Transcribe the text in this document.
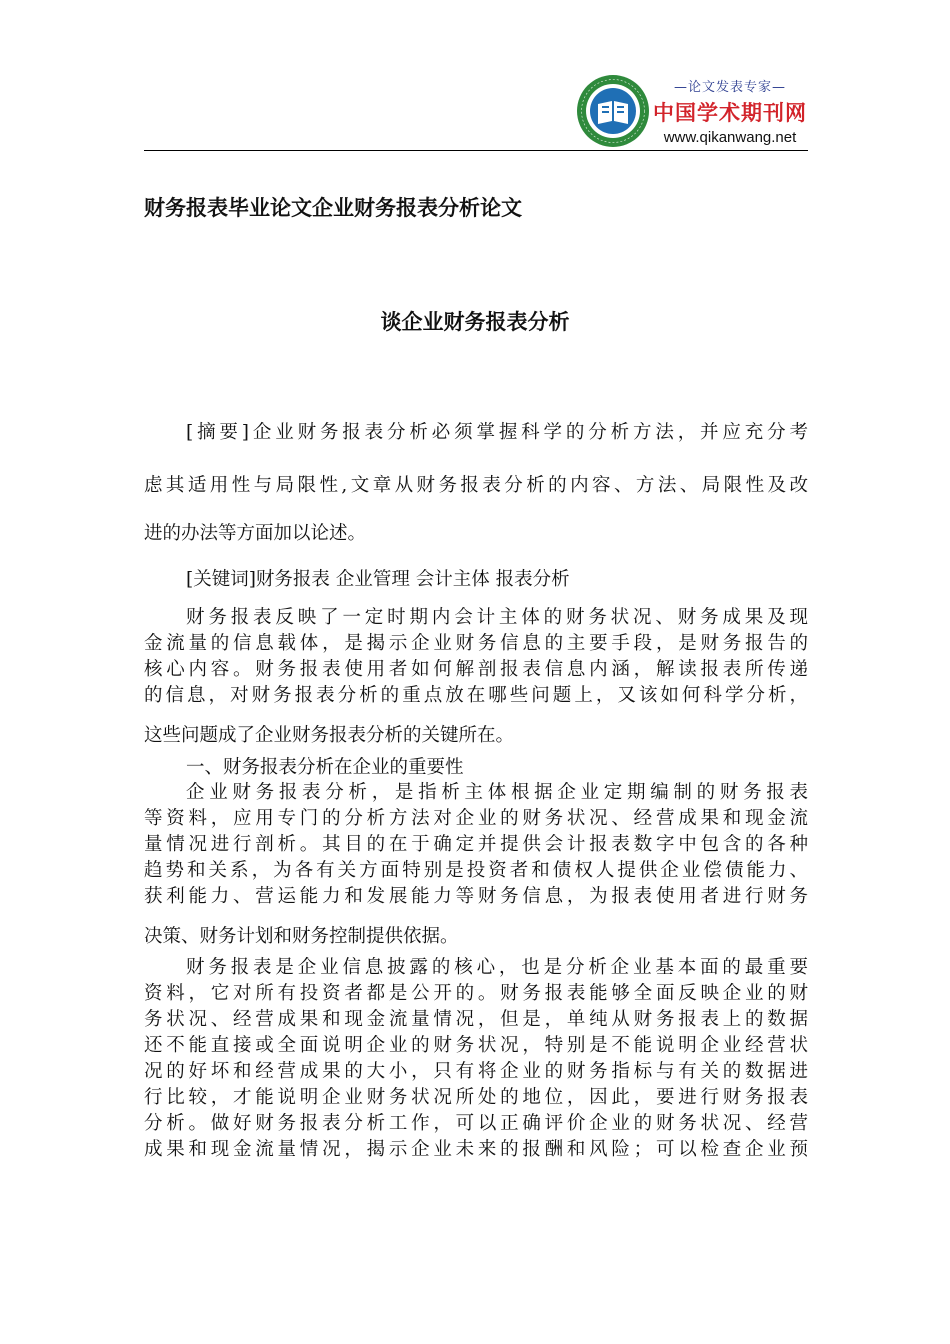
—论文发表专家—
中国学术期刊网
www.qikanwang.net
财务报表毕业论文企业财务报表分析论文
谈企业财务报表分析
[摘要]企业财务报表分析必须掌握科学的分析方法，并应充分考
虑其适用性与局限性,文章从财务报表分析的内容、方法、局限性及改
进的办法等方面加以论述。
[关键词]财务报表 企业管理 会计主体 报表分析
财务报表反映了一定时期内会计主体的财务状况、财务成果及现
金流量的信息载体，是揭示企业财务信息的主要手段，是财务报告的
核心内容。财务报表使用者如何解剖报表信息内涵，解读报表所传递
的信息，对财务报表分析的重点放在哪些问题上，又该如何科学分析，
这些问题成了企业财务报表分析的关键所在。
一、财务报表分析在企业的重要性
企业财务报表分析，是指析主体根据企业定期编制的财务报表
等资料，应用专门的分析方法对企业的财务状况、经营成果和现金流
量情况进行剖析。其目的在于确定并提供会计报表数字中包含的各种
趋势和关系，为各有关方面特别是投资者和债权人提供企业偿债能力、
获利能力、营运能力和发展能力等财务信息，为报表使用者进行财务
决策、财务计划和财务控制提供依据。
财务报表是企业信息披露的核心，也是分析企业基本面的最重要
资料，它对所有投资者都是公开的。财务报表能够全面反映企业的财
务状况、经营成果和现金流量情况，但是，单纯从财务报表上的数据
还不能直接或全面说明企业的财务状况，特别是不能说明企业经营状
况的好坏和经营成果的大小，只有将企业的财务指标与有关的数据进
行比较，才能说明企业财务状况所处的地位，因此，要进行财务报表
分析。做好财务报表分析工作，可以正确评价企业的财务状况、经营
成果和现金流量情况，揭示企业未来的报酬和风险；可以检查企业预
